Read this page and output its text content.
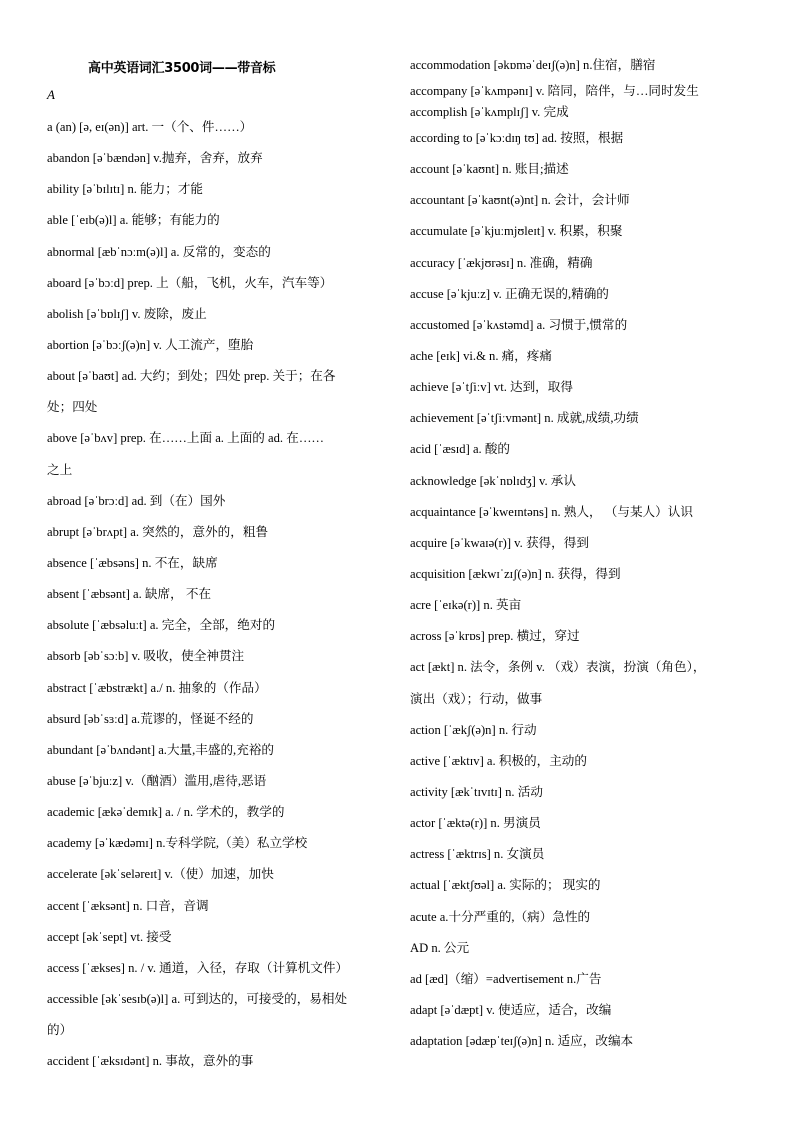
高中英语词汇3500词——带音标
A
a (an) [ə, eɪ(ən)] art. 一（个、件……）
abandon [əˈbændən] v.抛弃，舍弃，放弃
ability [əˈbɪlɪtɪ] n. 能力；才能
able [ˈeɪb(ə)l] a. 能够；有能力的
abnormal [æbˈnɔːm(ə)l] a. 反常的，变态的
aboard [əˈbɔːd] prep. 上（船，飞机，火车，汽车等）
abolish [əˈbɒlɪʃ] v. 废除，废止
abortion [əˈbɔːʃ(ə)n] v. 人工流产，堕胎
about [əˈbaʊt] ad. 大约；到处；四处 prep. 关于；在各
处；四处
above [əˈbʌv] prep. 在……上面 a. 上面的 ad. 在……
之上
abroad [əˈbrɔːd] ad. 到（在）国外
abrupt [əˈbrʌpt] a. 突然的，意外的，粗鲁
absence [ˈæbsəns] n. 不在，缺席
absent [ˈæbsənt] a. 缺席， 不在
absolute [ˈæbsəluːt] a. 完全，全部，绝对的
absorb [əbˈsɔːb] v. 吸收，使全神贯注
abstract [ˈæbstrækt] a./ n. 抽象的（作品）
absurd [əbˈsɜːd] a.荒谬的，怪诞不经的
abundant [əˈbʌndənt] a.大量,丰盛的,充裕的
abuse [əˈbjuːz] v.（酗酒）滥用,虐待,恶语
academic [ækəˈdemɪk] a. / n. 学术的，教学的
academy [əˈkædəmɪ] n.专科学院,（美）私立学校
accelerate [əkˈseləreɪt] v.（使）加速，加快
accent [ˈæksənt] n. 口音，音调
accept [əkˈsept] vt. 接受
access [ˈækses] n. / v. 通道，入径，存取（计算机文件）
accessible [əkˈsesɪb(ə)l] a. 可到达的，可接受的，易相处
的）
accident [ˈæksɪdənt] n. 事故，意外的事
accommodation [əkɒməˈdeɪʃ(ə)n] n.住宿，膳宿
accompany [əˈkʌmpənɪ] v. 陪同，陪伴，与…同时发生
accomplish [əˈkʌmplɪʃ] v. 完成
according to [əˈkɔːdɪŋ tʊ] ad. 按照，根据
account [əˈkaʊnt] n. 账目;描述
accountant [əˈkaʊnt(ə)nt] n. 会计，会计师
accumulate [əˈkjuːmjʊleɪt] v. 积累，积聚
accuracy [ˈækjʊrəsɪ] n. 准确，精确
accuse [əˈkjuːz] v. 正确无误的,精确的
accustomed [əˈkʌstəmd] a. 习惯于,惯常的
ache [eɪk] vi.& n. 痛，疼痛
achieve [əˈtʃiːv] vt. 达到，取得
achievement [əˈtʃiːvmənt] n. 成就,成绩,功绩
acid [ˈæsɪd] a. 酸的
acknowledge [əkˈnɒlɪdʒ] v. 承认
acquaintance [əˈkweɪntəns] n. 熟人， （与某人）认识
acquire [əˈkwaɪə(r)] v. 获得，得到
acquisition [ækwɪˈzɪʃ(ə)n] n. 获得，得到
acre [ˈeɪkə(r)] n. 英亩
across [əˈkrɒs] prep. 横过，穿过
act [ækt] n. 法令，条例 v. （戏）表演，扮演（角色），
演出（戏）；行动，做事
action [ˈækʃ(ə)n] n. 行动
active [ˈæktɪv] a. 积极的，主动的
activity [ækˈtɪvɪtɪ] n. 活动
actor [ˈæktə(r)] n. 男演员
actress [ˈæktrɪs] n. 女演员
actual [ˈæktʃʊəl] a. 实际的； 现实的
acute a.十分严重的,（病）急性的
AD n. 公元
ad [æd]（缩）=advertisement n.广告
adapt [əˈdæpt] v. 使适应，适合，改编
adaptation [ədæpˈteɪʃ(ə)n] n. 适应，改编本
